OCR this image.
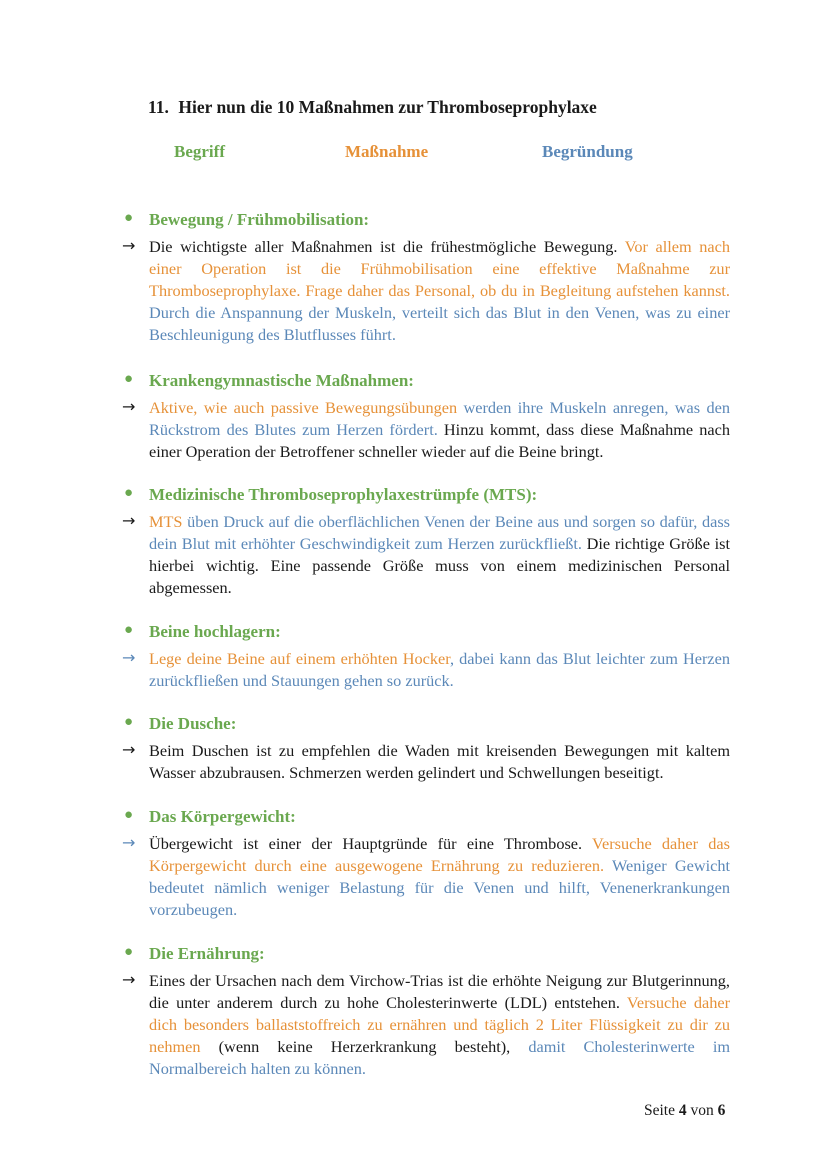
11. Hier nun die 10 Maßnahmen zur Thromboseprophylaxe
Begriff	Maßnahme	Begründung
● Bewegung / Frühmobilisation:
→ Die wichtigste aller Maßnahmen ist die frühestmögliche Bewegung. Vor allem nach einer Operation ist die Frühmobilisation eine effektive Maßnahme zur Thromboseprophylaxe. Frage daher das Personal, ob du in Begleitung aufstehen kannst. Durch die Anspannung der Muskeln, verteilt sich das Blut in den Venen, was zu einer Beschleunigung des Blutflusses führt.
● Krankengymnastische Maßnahmen:
→ Aktive, wie auch passive Bewegungsübungen werden ihre Muskeln anregen, was den Rückstrom des Blutes zum Herzen fördert. Hinzu kommt, dass diese Maßnahme nach einer Operation der Betroffener schneller wieder auf die Beine bringt.
● Medizinische Thromboseprophylaxestrümpfe (MTS):
→ MTS üben Druck auf die oberflächlichen Venen der Beine aus und sorgen so dafür, dass dein Blut mit erhöhter Geschwindigkeit zum Herzen zurückfließt. Die richtige Größe ist hierbei wichtig. Eine passende Größe muss von einem medizinischen Personal abgemessen.
● Beine hochlagern:
→ Lege deine Beine auf einem erhöhten Hocker, dabei kann das Blut leichter zum Herzen zurückfließen und Stauungen gehen so zurück.
● Die Dusche:
→ Beim Duschen ist zu empfehlen die Waden mit kreisenden Bewegungen mit kaltem Wasser abzubrausen. Schmerzen werden gelindert und Schwellungen beseitigt.
● Das Körpergewicht:
→ Übergewicht ist einer der Hauptgründe für eine Thrombose. Versuche daher das Körpergewicht durch eine ausgewogene Ernährung zu reduzieren. Weniger Gewicht bedeutet nämlich weniger Belastung für die Venen und hilft, Venenerkrankungen vorzubeugen.
● Die Ernährung:
→ Eines der Ursachen nach dem Virchow-Trias ist die erhöhte Neigung zur Blutgerinnung, die unter anderem durch zu hohe Cholesterinwerte (LDL) entstehen. Versuche daher dich besonders ballaststoffreich zu ernähren und täglich 2 Liter Flüssigkeit zu dir zu nehmen (wenn keine Herzerkrankung besteht), damit Cholesterinwerte im Normalbereich halten zu können.
Seite 4 von 6
